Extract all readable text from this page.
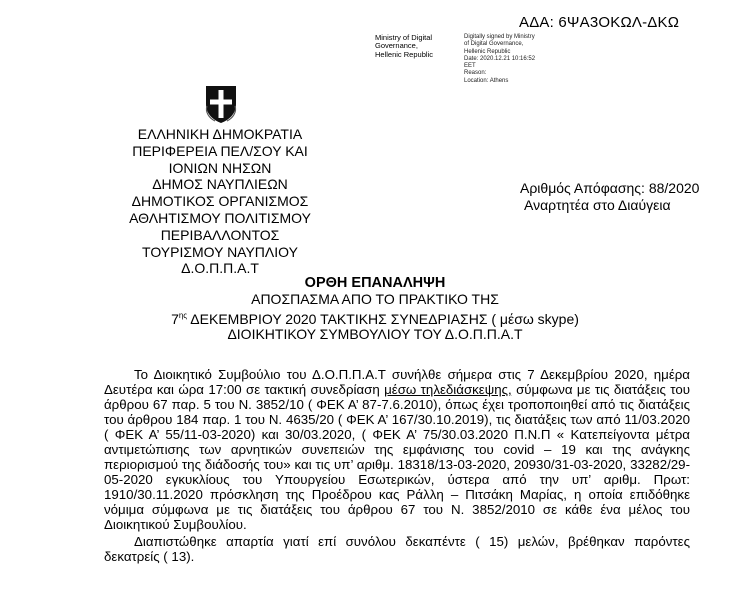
ΑΔΑ: 6ΨΑ3ΟΚΩΛ-ΔΚΩ
Ministry of Digital
Governance,
Hellenic Republic
Digitally signed by Ministry
of Digital Governance,
Hellenic Republic
Date: 2020.12.21 10:16:52
EET
Reason:
Location: Athens
ΕΛΛΗΝΙΚΗ ΔΗΜΟΚΡΑΤΙΑ
ΠΕΡΙΦΕΡΕΙΑ ΠΕΛ/ΣΟΥ ΚΑΙ
ΙΟΝΙΩΝ ΝΗΣΩΝ
ΔΗΜΟΣ ΝΑΥΠΛΙΕΩΝ
ΔΗΜΟΤΙΚΟΣ ΟΡΓΑΝΙΣΜΟΣ
ΑΘΛΗΤΙΣΜΟΥ ΠΟΛΙΤΙΣΜΟΥ
ΠΕΡΙΒΑΛΛΟΝΤΟΣ
ΤΟΥΡΙΣΜΟΥ ΝΑΥΠΛΙΟΥ
Δ.Ο.Π.Π.Α.Τ
Αριθμός Απόφασης: 88/2020
Αναρτητέα στο Διαύγεια
ΟΡΘΗ ΕΠΑΝΑΛΗΨΗ
ΑΠΟΣΠΑΣΜΑ ΑΠΟ ΤΟ ΠΡΑΚΤΙΚΟ ΤΗΣ
$7^{\eta\varsigma}$ ΔΕΚΕΜΒΡΙΟΥ 2020 ΤΑΚΤΙΚΗΣ ΣΥΝΕΔΡΙΑΣΗΣ ( μέσω skype)
ΔΙΟΙΚΗΤΙΚΟΥ ΣΥΜΒΟΥΛΙΟΥ ΤΟΥ Δ.Ο.Π.Π.Α.Τ

Το Διοικητικό Συμβούλιο του Δ.Ο.Π.Π.Α.Τ συνήλθε σήμερα στις 7 Δεκεμβρίου 2020, ημέρα Δευτέρα και ώρα 17:00 σε τακτική συνεδρίαση μέσω τηλεδιάσκεψης, σύμφωνα με τις διατάξεις του άρθρου 67 παρ. 5 του Ν. 3852/10 ( ΦΕΚ Α’ 87-7.6.2010), όπως έχει τροποποιηθεί από τις διατάξεις του άρθρου 184 παρ. 1 του Ν. 4635/20 ( ΦΕΚ Α’ 167/30.10.2019), τις διατάξεις των από 11/03.2020 ( ΦΕΚ Α’ 55/11-03-2020) και 30/03.2020, ( ΦΕΚ Α’ 75/30.03.2020 Π.Ν.Π « Κατεπείγοντα μέτρα αντιμετώπισης των αρνητικών συνεπειών της εμφάνισης του covid – 19 και της ανάγκης περιορισμού της διάδοσής του» και τις υπ’ αριθμ. 18318/13-03-2020, 20930/31-03-2020, 33282/29-05-2020 εγκυκλίους του Υπουργείου Εσωτερικών, ύστερα από την υπ’ αριθμ. Πρωτ: 1910/30.11.2020 πρόσκληση της Προέδρου κας Ράλλη – Πιτσάκη Μαρίας, η οποία επιδόθηκε νόμιμα σύμφωνα με τις διατάξεις του άρθρου 67 του Ν. 3852/2010 σε κάθε ένα μέλος του Διοικητικού Συμβουλίου.

Διαπιστώθηκε απαρτία γιατί επί συνόλου δεκαπέντε ( 15) μελών, βρέθηκαν παρόντες δεκατρείς ( 13).
